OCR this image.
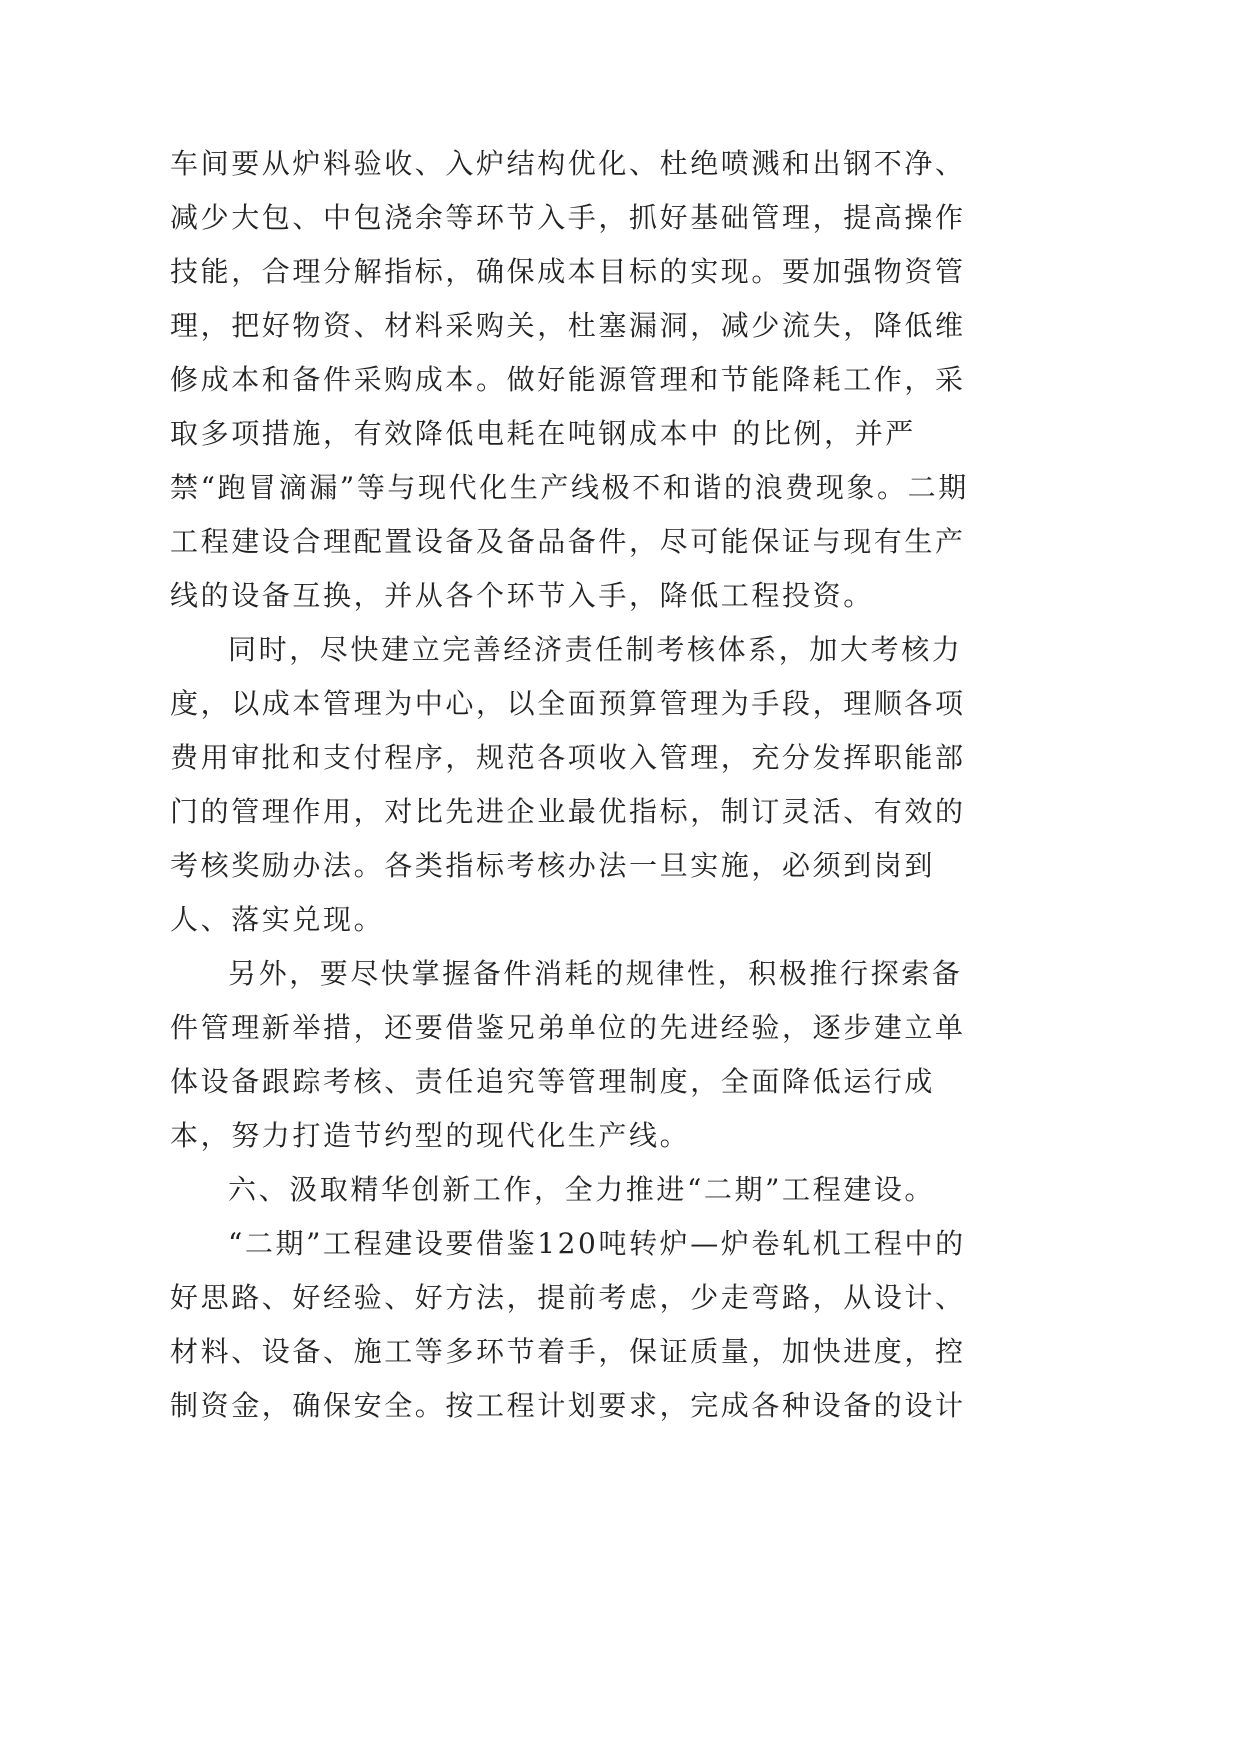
车间要从炉料验收、入炉结构优化、杜绝喷溅和出钢不净、减少大包、中包浇余等环节入手，抓好基础管理，提高操作技能，合理分解指标，确保成本目标的实现。要加强物资管理，把好物资、材料采购关，杜塞漏洞，减少流失，降低维修成本和备件采购成本。做好能源管理和节能降耗工作，采取多项措施，有效降低电耗在吨钢成本中 的比例，并严禁“跑冒滴漏”等与现代化生产线极不和谐的浪费现象。二期工程建设合理配置设备及备品备件，尽可能保证与现有生产线的设备互换，并从各个环节入手，降低工程投资。

同时，尽快建立完善经济责任制考核体系，加大考核力度，以成本管理为中心，以全面预算管理为手段，理顺各项费用审批和支付程序，规范各项收入管理，充分发挥职能部门的管理作用，对比先进企业最优指标，制订灵活、有效的考核奖励办法。各类指标考核办法一旦实施，必须到岗到人、落实兑现。

另外，要尽快掌握备件消耗的规律性，积极推行探索备件管理新举措，还要借鉴兄弟单位的先进经验，逐步建立单体设备跟踪考核、责任追究等管理制度，全面降低运行成本，努力打造节约型的现代化生产线。

六、汲取精华创新工作，全力推进“二期”工程建设。

“二期”工程建设要借鉴120吨转炉—炉卷轧机工程中的好思路、好经验、好方法，提前考虑，少走弯路，从设计、材料、设备、施工等多环节着手，保证质量，加快进度，控制资金，确保安全。按工程计划要求，完成各种设备的设计
